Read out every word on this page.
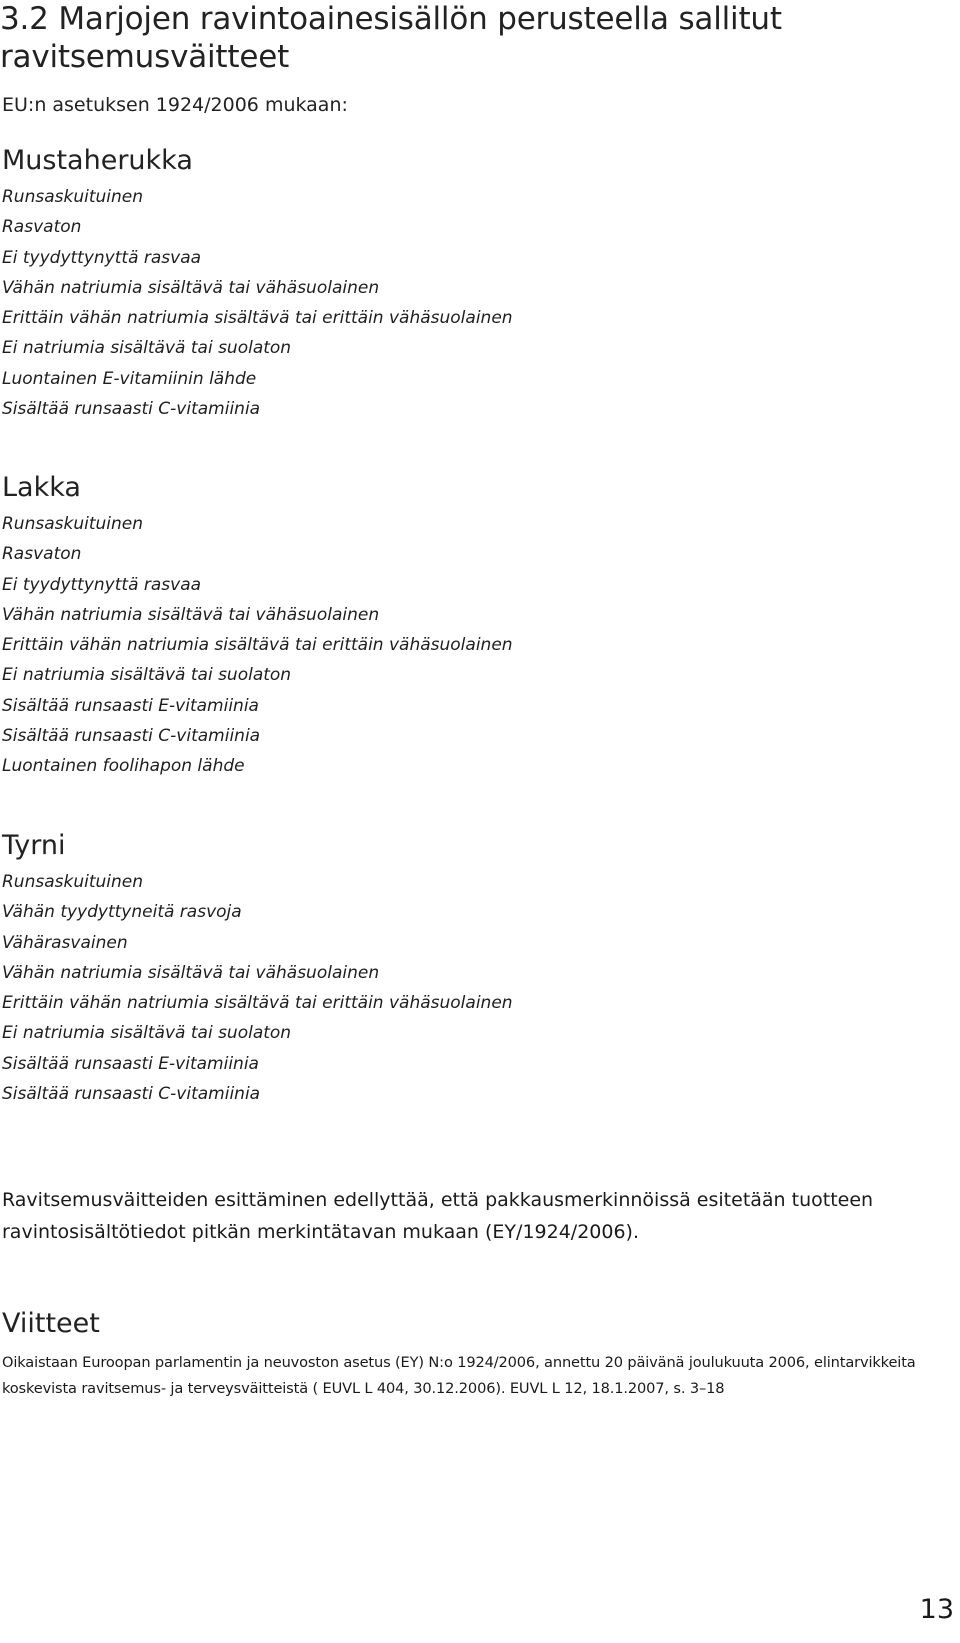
3.2 Marjojen ravintoainesisällön perusteella sallitut ravitsemusväitteet

EU:n asetuksen 1924/2006 mukaan:

Mustaherukka
Runsaskuituinen
Rasvaton
Ei tyydyttynyttä rasvaa
Vähän natriumia sisältävä tai vähäsuolainen
Erittäin vähän natriumia sisältävä tai erittäin vähäsuolainen
Ei natriumia sisältävä tai suolaton
Luontainen E-vitamiinin lähde
Sisältää runsaasti C-vitamiinia
Lakka
Runsaskuituinen
Rasvaton
Ei tyydyttynyttä rasvaa
Vähän natriumia sisältävä tai vähäsuolainen
Erittäin vähän natriumia sisältävä tai erittäin vähäsuolainen
Ei natriumia sisältävä tai suolaton
Sisältää runsaasti E-vitamiinia
Sisältää runsaasti C-vitamiinia
Luontainen foolihapon lähde
Tyrni
Runsaskuituinen
Vähän tyydyttyneitä rasvoja
Vähärasvainen
Vähän natriumia sisältävä tai vähäsuolainen
Erittäin vähän natriumia sisältävä tai erittäin vähäsuolainen
Ei natriumia sisältävä tai suolaton
Sisältää runsaasti E-vitamiinia
Sisältää runsaasti C-vitamiinia

Ravitsemusväitteiden esittäminen edellyttää, että pakkausmerkinnöissä esitetään tuotteen ravintosisältötiedot pitkän merkintätavan mukaan (EY/1924/2006).

Viitteet

Oikaistaan Euroopan parlamentin ja neuvoston asetus (EY) N:o 1924/2006, annettu 20 päivänä joulukuuta 2006, elintarvikkeita koskevista ravitsemus- ja terveysväitteistä ( EUVL L 404, 30.12.2006). EUVL L 12, 18.1.2007, s. 3–18

13
